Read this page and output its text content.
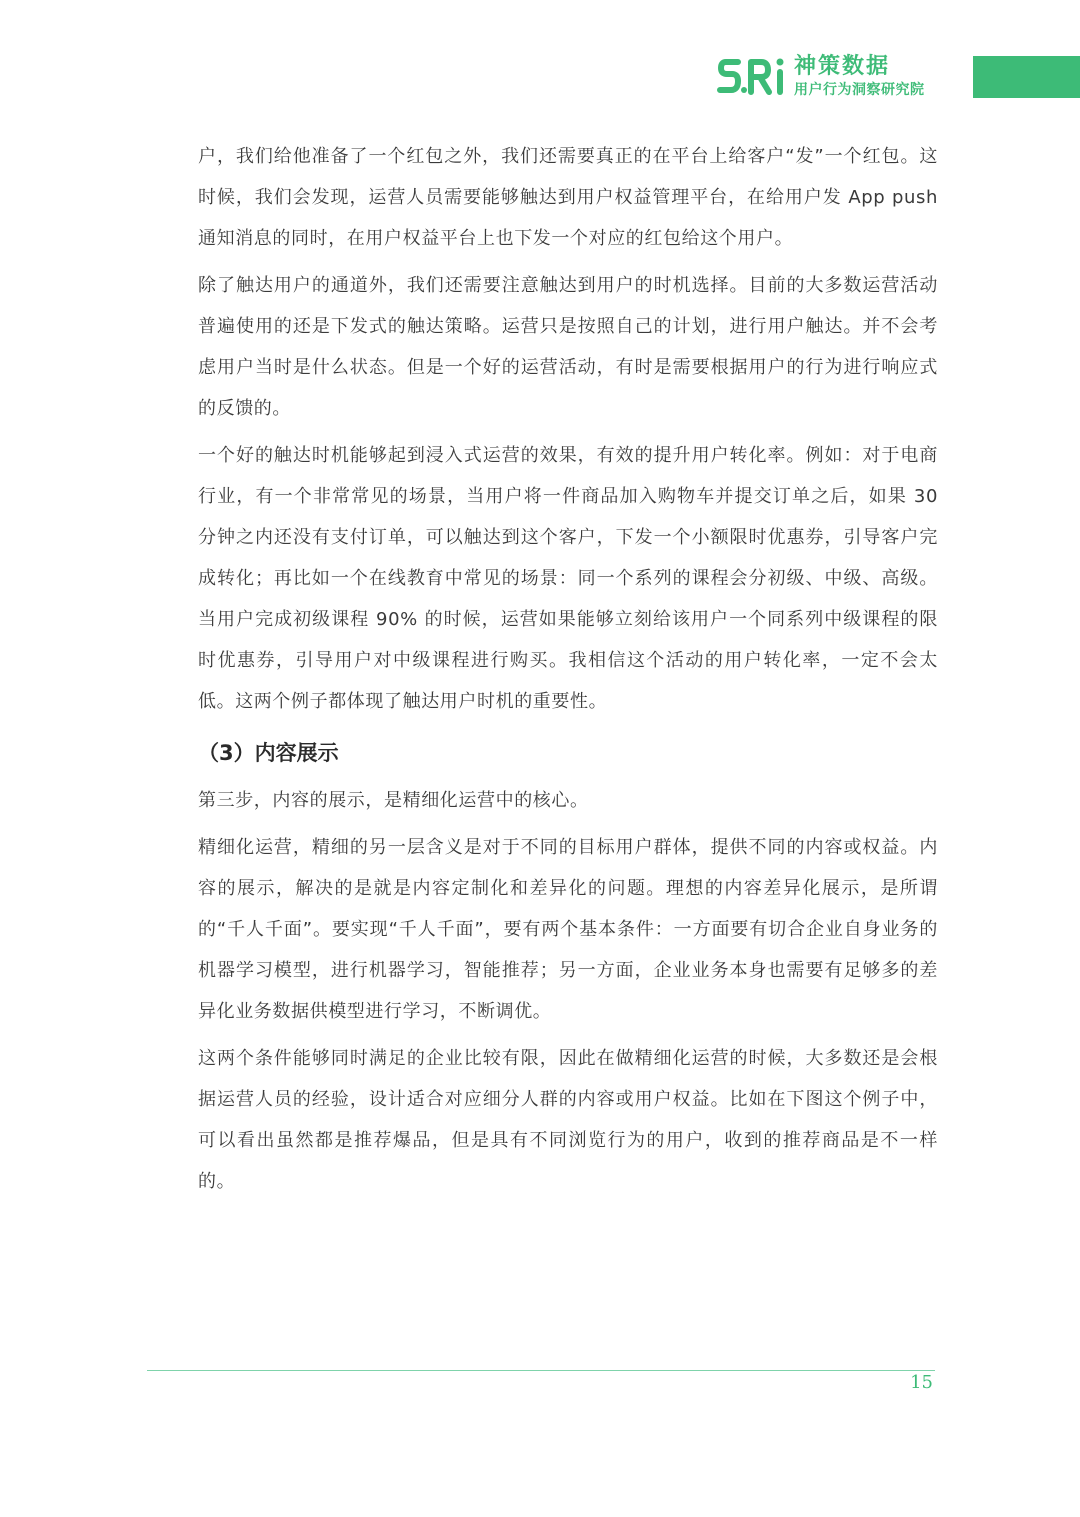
神策数据
用户行为洞察研究院

户，我们给他准备了一个红包之外，我们还需要真正的在平台上给客户“发”一个红包。这时候，我们会发现，运营人员需要能够触达到用户权益管理平台，在给用户发 App push 通知消息的同时，在用户权益平台上也下发一个对应的红包给这个用户。

除了触达用户的通道外，我们还需要注意触达到用户的时机选择。目前的大多数运营活动普遍使用的还是下发式的触达策略。运营只是按照自己的计划，进行用户触达。并不会考虑用户当时是什么状态。但是一个好的运营活动，有时是需要根据用户的行为进行响应式的反馈的。

一个好的触达时机能够起到浸入式运营的效果，有效的提升用户转化率。例如：对于电商行业，有一个非常常见的场景，当用户将一件商品加入购物车并提交订单之后，如果 30 分钟之内还没有支付订单，可以触达到这个客户，下发一个小额限时优惠券，引导客户完成转化；再比如一个在线教育中常见的场景：同一个系列的课程会分初级、中级、高级。当用户完成初级课程 90% 的时候，运营如果能够立刻给该用户一个同系列中级课程的限时优惠券，引导用户对中级课程进行购买。我相信这个活动的用户转化率，一定不会太低。这两个例子都体现了触达用户时机的重要性。

（3）内容展示

第三步，内容的展示，是精细化运营中的核心。

精细化运营，精细的另一层含义是对于不同的目标用户群体，提供不同的内容或权益。内容的展示，解决的是就是内容定制化和差异化的问题。理想的内容差异化展示，是所谓的“千人千面”。要实现“千人千面”，要有两个基本条件：一方面要有切合企业自身业务的机器学习模型，进行机器学习，智能推荐；另一方面，企业业务本身也需要有足够多的差异化业务数据供模型进行学习，不断调优。

这两个条件能够同时满足的企业比较有限，因此在做精细化运营的时候，大多数还是会根据运营人员的经验，设计适合对应细分人群的内容或用户权益。比如在下图这个例子中，可以看出虽然都是推荐爆品，但是具有不同浏览行为的用户，收到的推荐商品是不一样的。

15
